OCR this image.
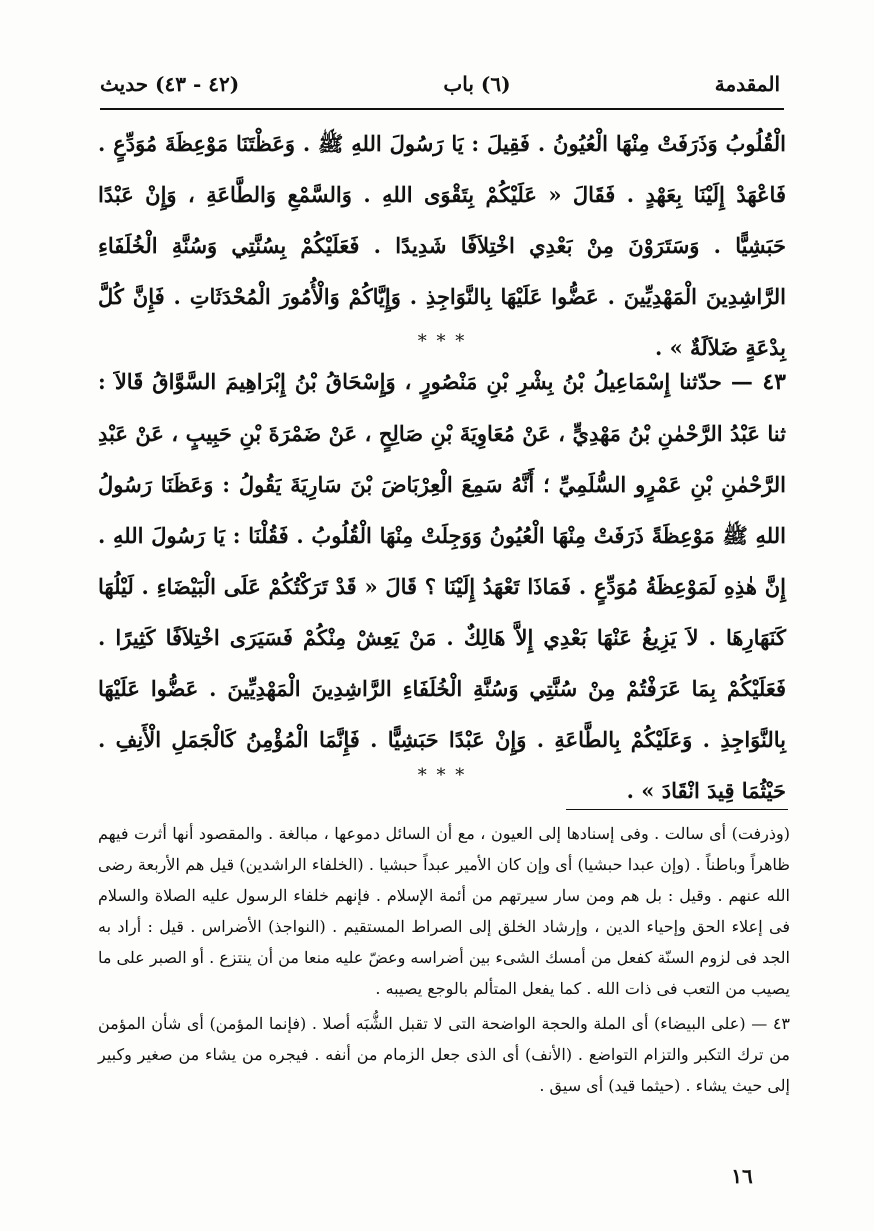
المقدمة
(٦) باب
(٤٢ - ٤٣) حديث

الْقُلُوبُ وَذَرَفَتْ مِنْهَا الْعُيُونُ . فَقِيلَ : يَا رَسُولَ اللهِ ﷺ . وَعَظْتَنَا مَوْعِظَةَ مُوَدِّعٍ . فَاعْهَدْ إِلَيْنَا بِعَهْدٍ . فَقَالَ « عَلَيْكُمْ بِتَقْوَى اللهِ . وَالسَّمْعِ وَالطَّاعَةِ ، وَإِنْ عَبْدًا حَبَشِيًّا . وَسَتَرَوْنَ مِنْ بَعْدِي اخْتِلاَفًا شَدِيدًا . فَعَلَيْكُمْ بِسُنَّتِي وَسُنَّةِ الْخُلَفَاءِ الرَّاشِدِينَ الْمَهْدِيِّينَ . عَضُّوا عَلَيْهَا بِالنَّوَاجِذِ . وَإِيَّاكُمْ وَالْأُمُورَ الْمُحْدَثَاتِ . فَإِنَّ كُلَّ بِدْعَةٍ ضَلاَلَةٌ » .

* * *

٤٣ — حدّثنا إِسْمَاعِيلُ بْنُ بِشْرِ بْنِ مَنْصُورٍ ، وَإِسْحَاقُ بْنُ إِبْرَاهِيمَ السَّوَّاقُ قَالاَ : ثنا عَبْدُ الرَّحْمٰنِ بْنُ مَهْدِيٍّ ، عَنْ مُعَاوِيَةَ بْنِ صَالِحٍ ، عَنْ ضَمْرَةَ بْنِ حَبِيبٍ ، عَنْ عَبْدِ الرَّحْمٰنِ بْنِ عَمْرٍو السُّلَمِيِّ ؛ أَنَّهُ سَمِعَ الْعِرْبَاضَ بْنَ سَارِيَةَ يَقُولُ : وَعَظَنَا رَسُولُ اللهِ ﷺ مَوْعِظَةً ذَرَفَتْ مِنْهَا الْعُيُونُ وَوَجِلَتْ مِنْهَا الْقُلُوبُ . فَقُلْنَا : يَا رَسُولَ اللهِ . إِنَّ هٰذِهِ لَمَوْعِظَةُ مُوَدِّعٍ . فَمَاذَا تَعْهَدُ إِلَيْنَا ؟ قَالَ « قَدْ تَرَكْتُكُمْ عَلَى الْبَيْضَاءِ . لَيْلُهَا كَنَهَارِهَا . لاَ يَزِيغُ عَنْهَا بَعْدِي إِلاَّ هَالِكٌ . مَنْ يَعِشْ مِنْكُمْ فَسَيَرَى اخْتِلاَفًا كَثِيرًا . فَعَلَيْكُمْ بِمَا عَرَفْتُمْ مِنْ سُنَّتِي وَسُنَّةِ الْخُلَفَاءِ الرَّاشِدِينَ الْمَهْدِيِّينَ . عَضُّوا عَلَيْهَا بِالنَّوَاجِذِ . وَعَلَيْكُمْ بِالطَّاعَةِ . وَإِنْ عَبْدًا حَبَشِيًّا . فَإِنَّمَا الْمُؤْمِنُ كَالْجَمَلِ الْأَنِفِ . حَيْثُمَا قِيدَ انْقَادَ » .

* * *

(وذرفت) أى سالت . وفى إسنادها إلى العيون ، مع أن السائل دموعها ، مبالغة . والمقصود أنها أثرت فيهم ظاهراً وباطناً . (وإن عبدا حبشيا) أى وإن كان الأمير عبداً حبشيا . (الخلفاء الراشدين) قيل هم الأربعة رضى الله عنهم . وقيل : بل هم ومن سار سيرتهم من أئمة الإسلام . فإنهم خلفاء الرسول عليه الصلاة والسلام فى إعلاء الحق وإحياء الدين ، وإرشاد الخلق إلى الصراط المستقيم . (النواجذ) الأضراس . قيل : أراد به الجد فى لزوم السنّة كفعل من أمسك الشىء بين أضراسه وعضّ عليه منعا من أن ينتزع . أو الصبر على ما يصيب من التعب فى ذات الله . كما يفعل المتألم بالوجع يصيبه .

٤٣ — (على البيضاء) أى الملة والحجة الواضحة التى لا تقبل الشُّبَه أصلا . (فإنما المؤمن) أى شأن المؤمن من ترك التكبر والتزام التواضع . (الأنف) أى الذى جعل الزمام من أنفه . فيجره من يشاء من صغير وكبير إلى حيث يشاء . (حيثما قيد) أى سيق .

١٦
